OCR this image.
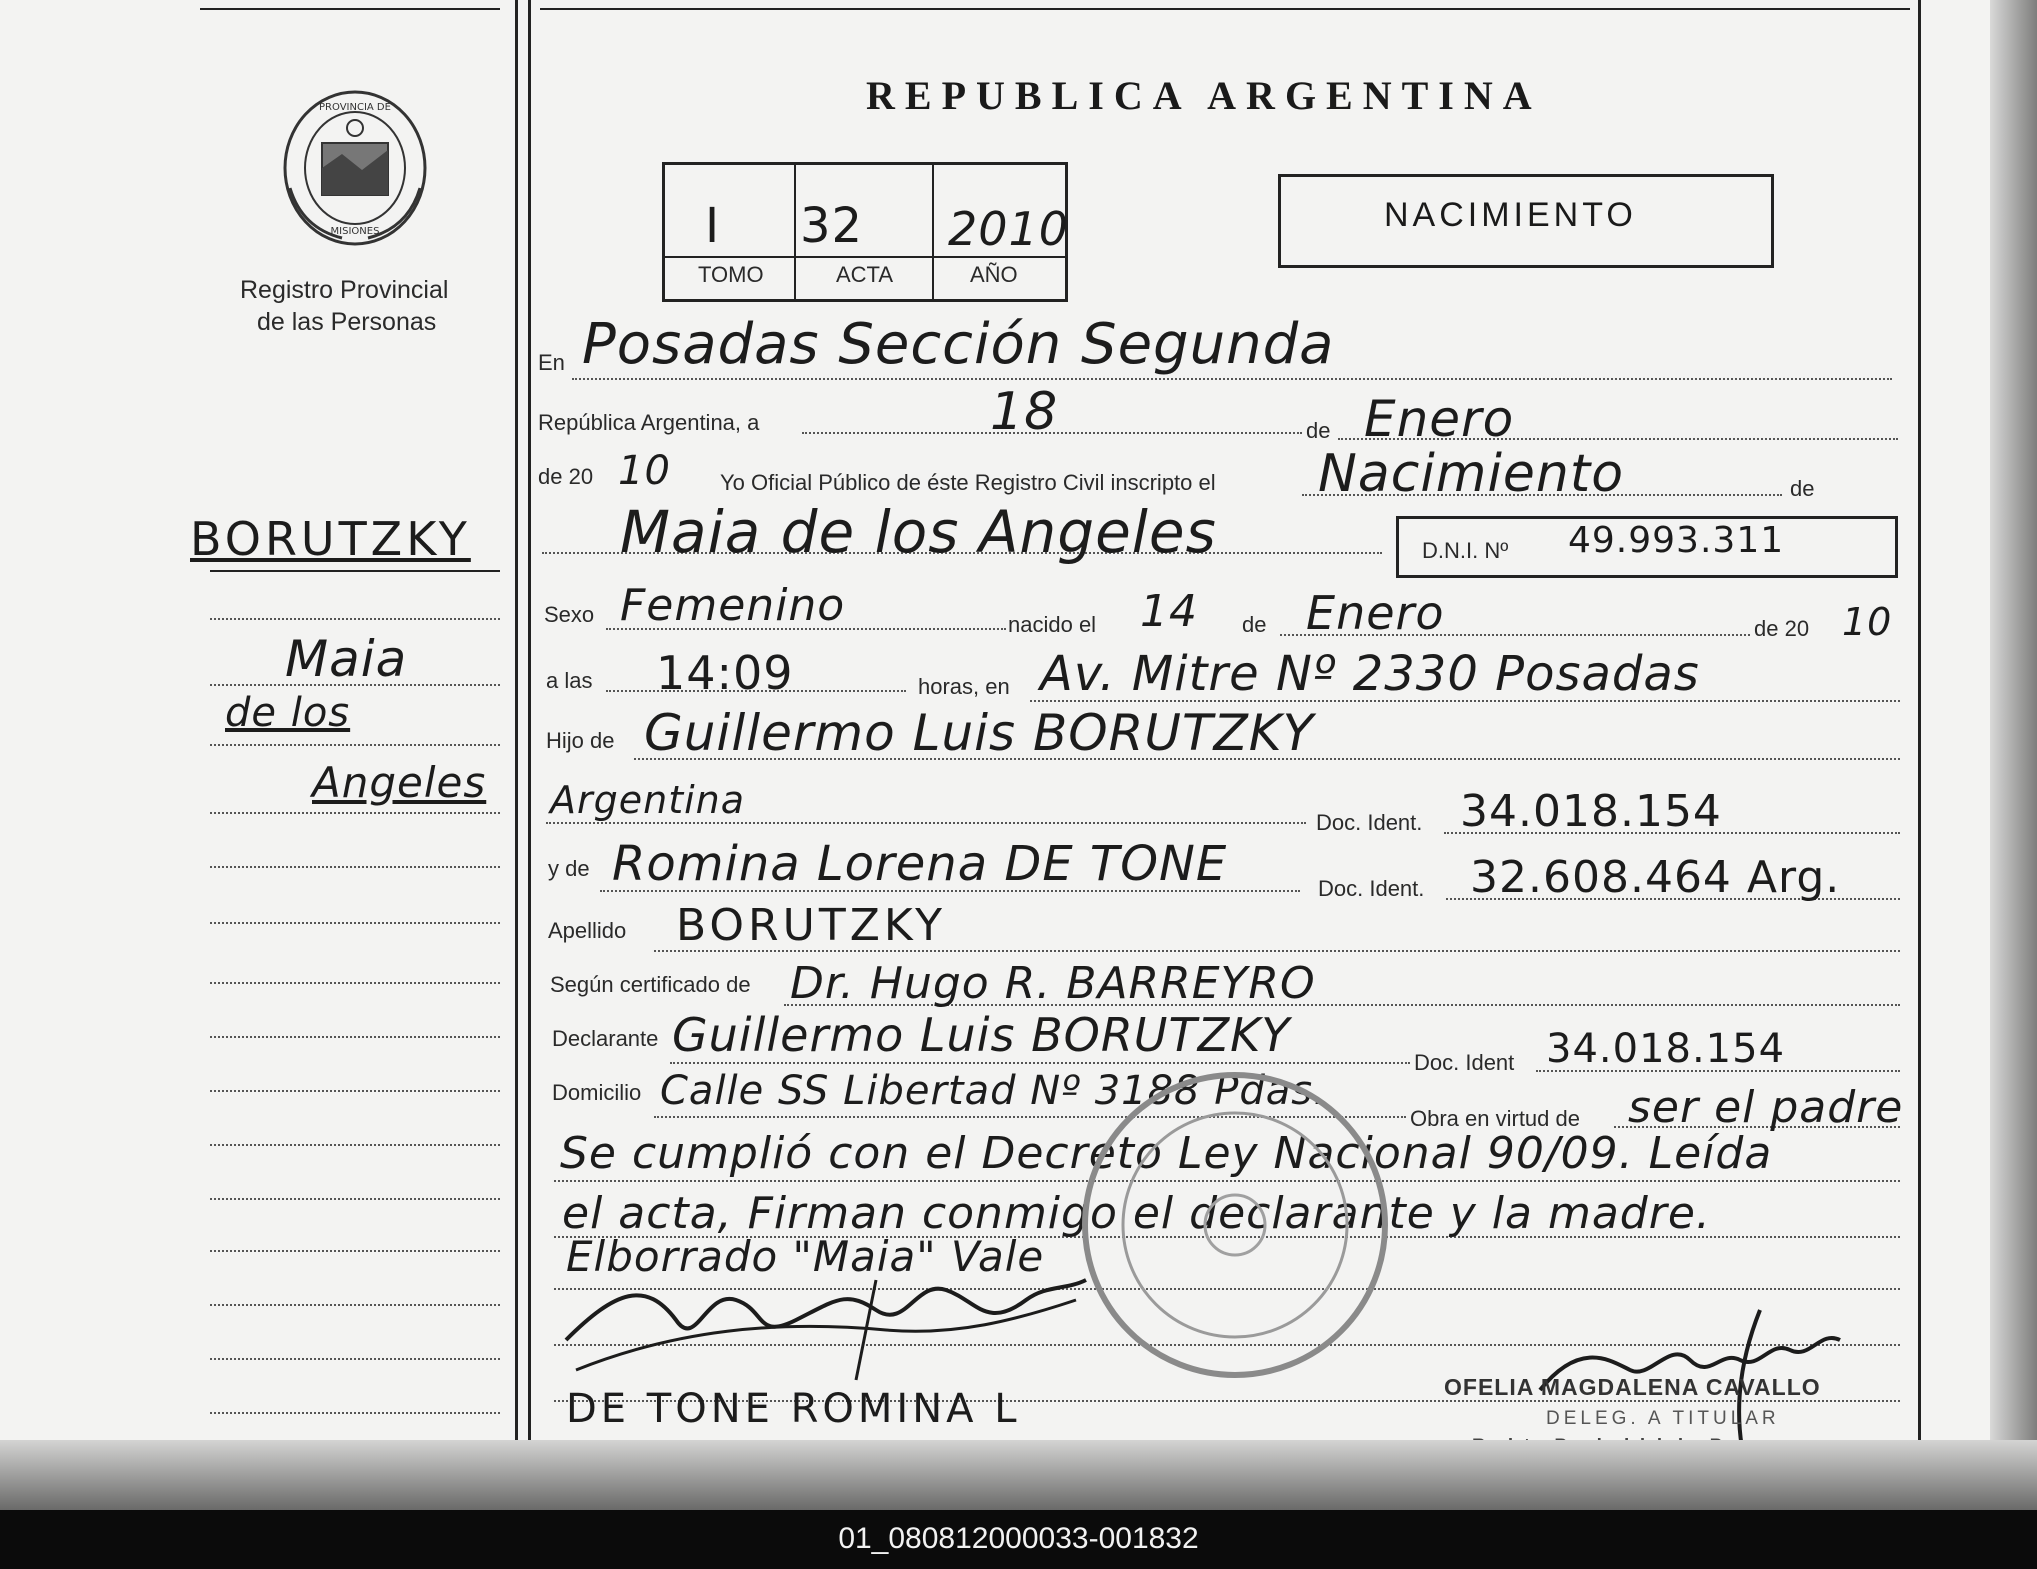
PROVINCIA DE
MISIONES
Registro Provincial
de las Personas
BORUTZKY
Maia
de los
Angeles
REPUBLICA ARGENTINA
I 32 2010
TOMO	ACTA	AÑO
NACIMIENTO
En Posadas Sección Segunda
República Argentina, a	18	de Enero
de 20 10 Yo Oficial Público de éste Registro Civil inscripto el Nacimiento	de
Maia de los Angeles	D.N.I. Nº 49.993.311
Sexo Femenino	nacido el 14 de Enero	de 20 10
a las 14:09	horas, en Av. Mitre Nº 2330 Posadas
Hijo de Guillermo Luis BORUTZKY
Argentina
Doc. Ident. 34.018.154
y de Romina Lorena DE TONE	Doc. Ident. 32.608.464 Arg.
Apellido BORUTZKY
Según certificado de Dr. Hugo R. BARREYRO
Declarante Guillermo Luis BORUTZKY
Doc. Ident 34.018.154
Domicilio Calle SS Libertad Nº 3188 Pdas.
Obra en virtud de ser el padre
Se cumplió con el Decreto Ley Nacional 90/09. Leída
el acta, Firman conmigo el declarante y la madre.
Elborrado "Maia" Vale
DE TONE ROMINA L	OFELIA MAGDALENA CAVALLO
DELEG. A TITULAR
01_080812000033-001832
